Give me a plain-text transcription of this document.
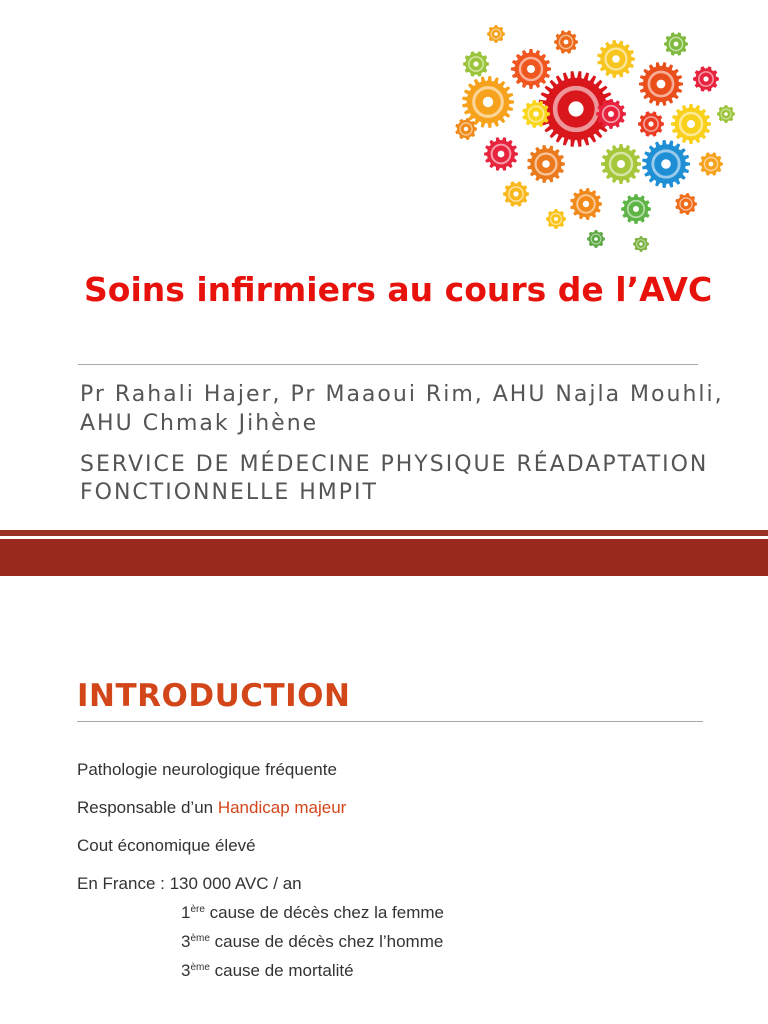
Soins infirmiers au cours de l’AVC
Pr Rahali Hajer, Pr Maaoui Rim, AHU Najla Mouhli, AHU Chmak Jihène
SERVICE DE MÉDECINE PHYSIQUE RÉADAPTATION FONCTIONNELLE HMPIT
INTRODUCTION
Pathologie neurologique fréquente
Responsable d’un Handicap majeur
Cout économique élevé
En France : 130 000 AVC / an
1ère cause de décès chez la femme
3ème cause de décès chez l’homme
3ème cause de mortalité
